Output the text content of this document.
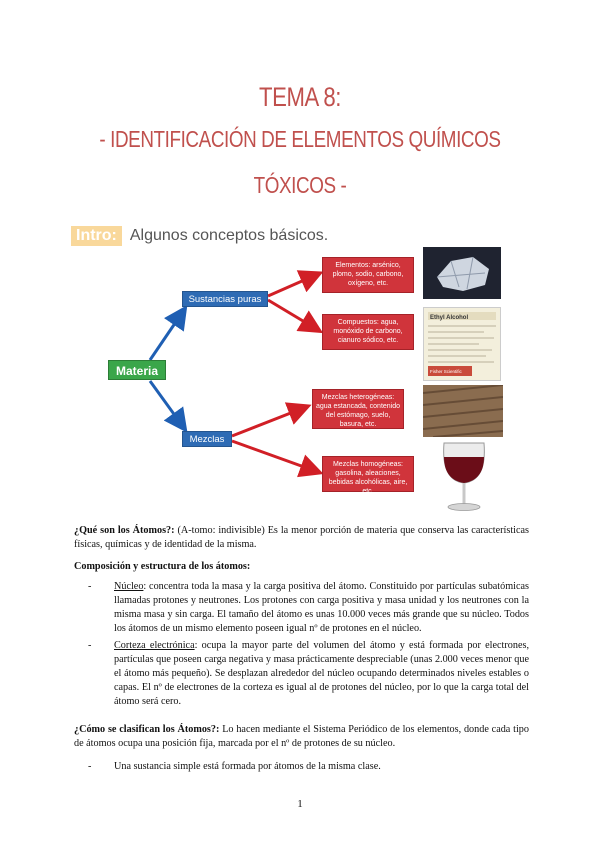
TEMA 8:
- IDENTIFICACIÓN DE ELEMENTOS QUÍMICOS
TÓXICOS -
Intro: Algunos conceptos básicos.
Materia
Sustancias puras
Mezclas
Elementos: arsénico, plomo, sodio, carbono, oxígeno, etc.
Compuestos: agua, monóxido de carbono, cianuro sódico, etc.
Mezclas heterogéneas: agua estancada, contenido del estómago, suelo, basura, etc.
Mezclas homogéneas: gasolina, aleaciones, bebidas alcohólicas, aire, etc.
Ethyl Alcohol
Fisher Scientific

¿Qué son los Átomos?: (A-tomo: indivisible) Es la menor porción de materia que conserva las características físicas, químicas y de identidad de la misma.

Composición y estructura de los átomos:
- Núcleo: concentra toda la masa y la carga positiva del átomo. Constituido por partículas subatómicas llamadas protones y neutrones. Los protones con carga positiva y masa unidad y los neutrones con la misma masa y sin carga. El tamaño del átomo es unas 10.000 veces más grande que su núcleo. Todos los átomos de un mismo elemento poseen igual nº de protones en el núcleo.
- Corteza electrónica: ocupa la mayor parte del volumen del átomo y está formada por electrones, partículas que poseen carga negativa y masa prácticamente despreciable (unas 2.000 veces menor que el átomo más pequeño). Se desplazan alrededor del núcleo ocupando determinados niveles estables o capas. El nº de electrones de la corteza es igual al de protones del núcleo, por lo que la carga total del átomo será cero.

¿Cómo se clasifican los Átomos?: Lo hacen mediante el Sistema Periódico de los elementos, donde cada tipo de átomos ocupa una posición fija, marcada por el nº de protones de su núcleo.

- Una sustancia simple está formada por átomos de la misma clase.
1
